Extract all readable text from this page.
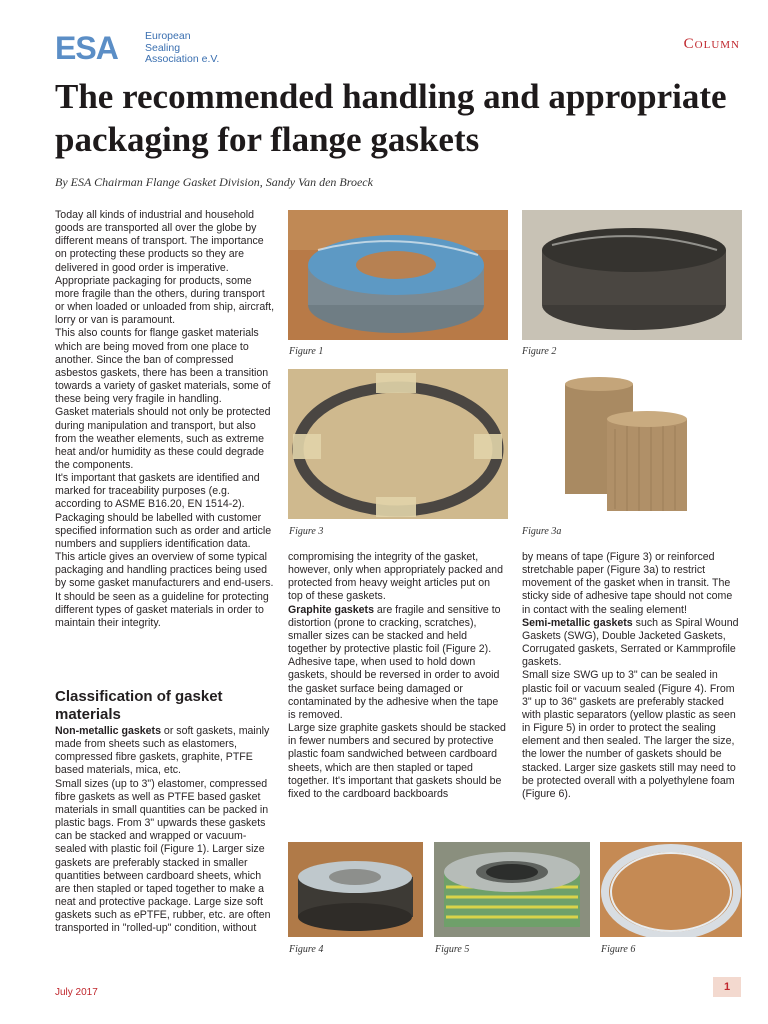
ESA	European
Sealing
Association e.V.
Column
The recommended handling and appropriate packaging for flange gaskets
By ESA Chairman Flange Gasket Division, Sandy Van den Broeck

Today all kinds of industrial and household goods are transported all over the globe by different means of transport. The importance on protecting these products so they are delivered in good order is imperative. Appropriate packaging for products, some more fragile than the others, during transport or when loaded or unloaded from ship, aircraft, lorry or van is paramount.

This also counts for flange gasket materials which are being moved from one place to another. Since the ban of compressed asbestos gaskets, there has been a transition towards a variety of gasket materials, some of these being very fragile in handling.

Gasket materials should not only be protected during manipulation and transport, but also from the weather elements, such as extreme heat and/or humidity as these could degrade the components.

It's important that gaskets are identified and marked for traceability purposes (e.g. according to ASME B16.20, EN 1514-2). Packaging should be labelled with customer specified information such as order and article numbers and suppliers identification data.

This article gives an overview of some typical packaging and handling practices being used by some gasket manufacturers and end-users. It should be seen as a guideline for protecting different types of gasket materials in order to maintain their integrity.

Classification of gasket materials

Non-metallic gaskets or soft gaskets, mainly made from sheets such as elastomers, compressed fibre gaskets, graphite, PTFE based materials, mica, etc.

Small sizes (up to 3") elastomer, compressed fibre gaskets as well as PTFE based gasket materials in small quantities can be packed in plastic bags. From 3" upwards these gaskets can be stacked and wrapped or vacuum-sealed with plastic foil (Figure 1). Larger size gaskets are preferably stacked in smaller quantities between cardboard sheets, which are then stapled or taped together to make a neat and protective package. Large size soft gaskets such as ePTFE, rubber, etc. are often transported in "rolled-up" condition, without

compromising the integrity of the gasket, however, only when appropriately packed and protected from heavy weight articles put on top of these gaskets.

Graphite gaskets are fragile and sensitive to distortion (prone to cracking, scratches), smaller sizes can be stacked and held together by protective plastic foil (Figure 2).

Adhesive tape, when used to hold down gaskets, should be reversed in order to avoid the gasket surface being damaged or contaminated by the adhesive when the tape is removed.

Large size graphite gaskets should be stacked in fewer numbers and secured by protective plastic foam sandwiched between cardboard sheets, which are then stapled or taped together. It's important that gaskets should be fixed to the cardboard backboards

by means of tape (Figure 3) or reinforced stretchable paper (Figure 3a) to restrict movement of the gasket when in transit. The sticky side of adhesive tape should not come in contact with the sealing element!

Semi-metallic gaskets such as Spiral Wound Gaskets (SWG), Double Jacketed Gaskets, Corrugated gaskets, Serrated or Kammprofile gaskets.

Small size SWG up to 3" can be sealed in plastic foil or vacuum sealed (Figure 4). From 3" up to 36" gaskets are preferably stacked with plastic separators (yellow plastic as seen in Figure 5) in order to protect the sealing element and then sealed. The larger the size, the lower the number of gaskets should be stacked. Larger size gaskets still may need to be protected overall with a polyethylene foam (Figure 6).

Figure 1	Figure 2
Figure 3	Figure 3a
Figure 4	Figure 5	Figure 6
July 2017	1
